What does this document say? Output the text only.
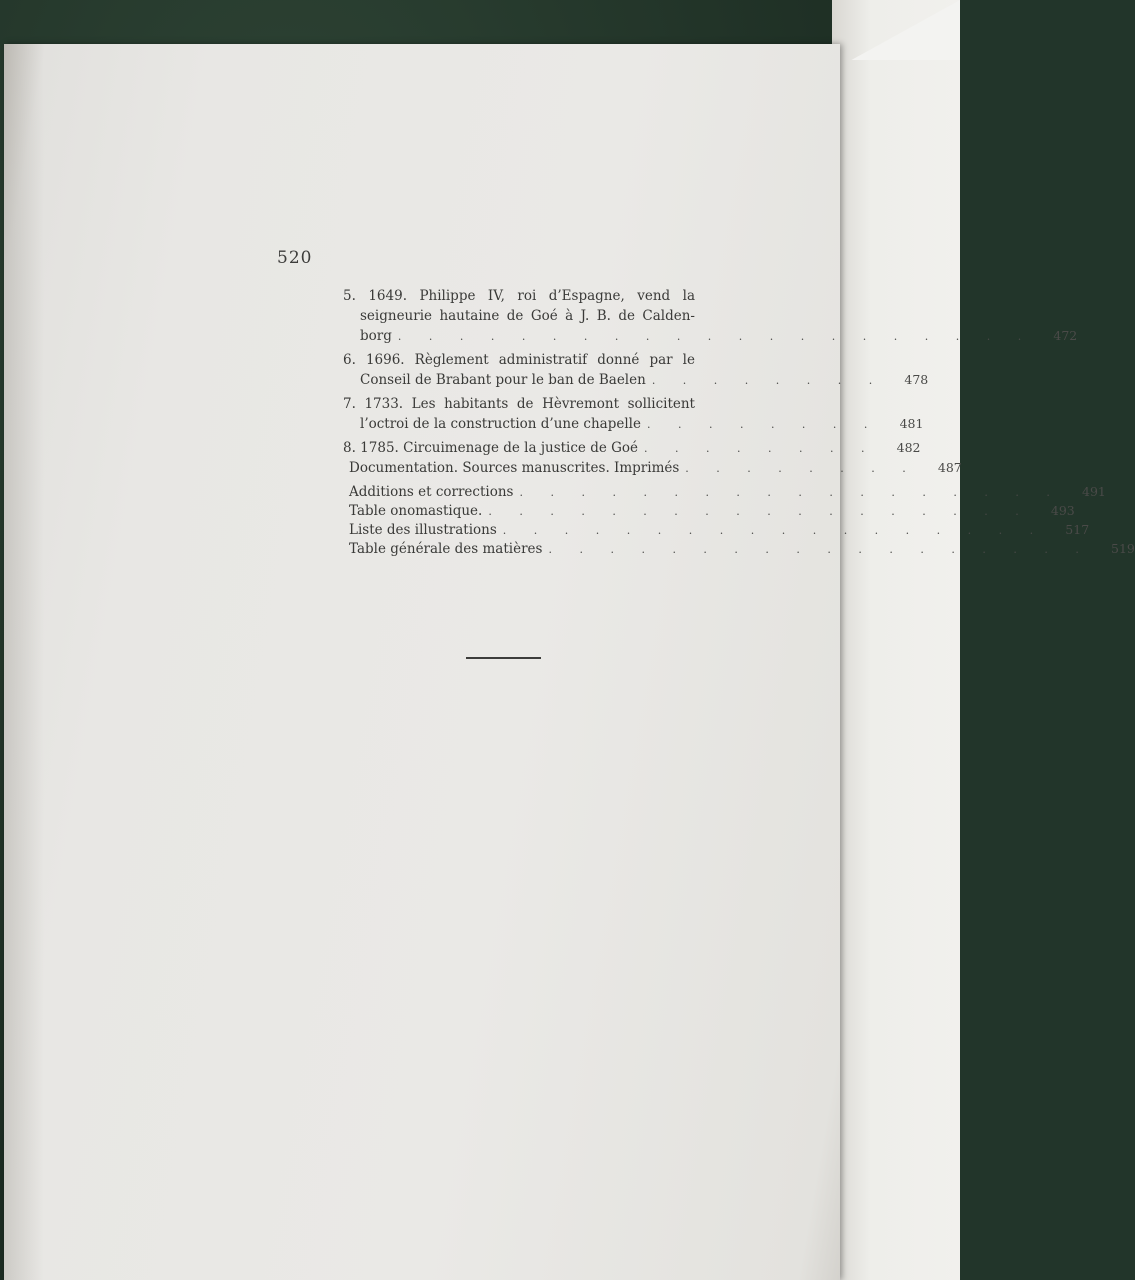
520
5. 1649. Philippe IV, roi d’Espagne, vend la
seigneurie hautaine de Goé à J. B. de Calden-
borg . . . . . . . . . . . . . . . . . . . . .	472
6. 1696. Règlement administratif donné par le
Conseil de Brabant pour le ban de Baelen . . . . . . . .	478
7. 1733. Les habitants de Hèvremont sollicitent
l’octroi de la construction d’une chapelle . . . . . . . .	481
8. 1785. Circuimenage de la justice de Goé . . . . . . . .	482
Documentation. Sources manuscrites. Imprimés . . . . . . . .	487
Additions et corrections . . . . . . . . . . . . . . . . . .	491
Table onomastique. . . . . . . . . . . . . . . . . . .	493
Liste des illustrations . . . . . . . . . . . . . . . . . .	517
Table générale des matières . . . . . . . . . . . . . . . . . .	519
